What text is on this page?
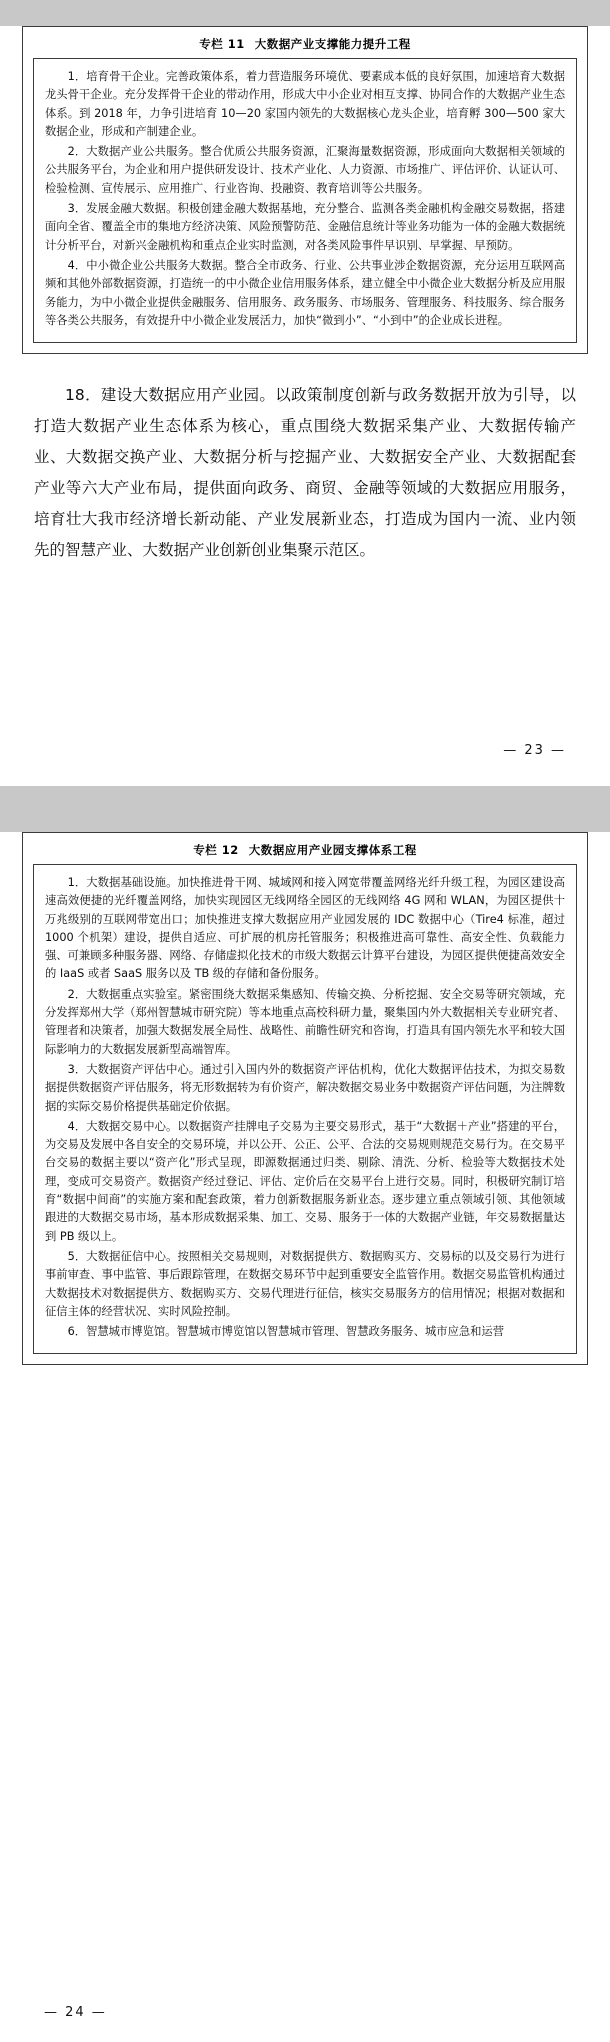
专栏 11 大数据产业支撑能力提升工程

1．培育骨干企业。完善政策体系，着力营造服务环境优、要素成本低的良好氛围，加速培育大数据龙头骨干企业。充分发挥骨干企业的带动作用，形成大中小企业对相互支撑、协同合作的大数据产业生态体系。到 2018 年，力争引进培育 10—20 家国内领先的大数据核心龙头企业，培育孵 300—500 家大数据企业，形成和产制建企业。

2．大数据产业公共服务。整合优质公共服务资源，汇聚海量数据资源，形成面向大数据相关领域的公共服务平台，为企业和用户提供研发设计、技术产业化、人力资源、市场推广、评估评价、认证认可、检验检测、宣传展示、应用推广、行业咨询、投融资、教育培训等公共服务。

3．发展金融大数据。积极创建金融大数据基地，充分整合、监测各类金融机构金融交易数据，搭建面向全省、覆盖全市的集地方经济决策、风险预警防范、金融信息统计等业务功能为一体的金融大数据统计分析平台，对新兴金融机构和重点企业实时监测，对各类风险事件早识别、早掌握、早预防。

4．中小微企业公共服务大数据。整合全市政务、行业、公共事业涉企数据资源，充分运用互联网高频和其他外部数据资源，打造统一的中小微企业信用服务体系，建立健全中小微企业大数据分析及应用服务能力，为中小微企业提供金融服务、信用服务、政务服务、市场服务、管理服务、科技服务、综合服务等各类公共服务，有效提升中小微企业发展活力，加快“微到小”、“小到中”的企业成长进程。

18．建设大数据应用产业园。以政策制度创新与政务数据开放为引导，以打造大数据产业生态体系为核心，重点围绕大数据采集产业、大数据传输产业、大数据交换产业、大数据分析与挖掘产业、大数据安全产业、大数据配套产业等六大产业布局，提供面向政务、商贸、金融等领域的大数据应用服务，培育壮大我市经济增长新动能、产业发展新业态，打造成为国内一流、业内领先的智慧产业、大数据产业创新创业集聚示范区。
— 23 —
专栏 12 大数据应用产业园支撑体系工程

1．大数据基础设施。加快推进骨干网、城域网和接入网宽带覆盖网络光纤升级工程，为园区建设高速高效便捷的光纤覆盖网络，加快实现园区无线网络全园区的无线网络 4G 网和 WLAN，为园区提供十万兆级别的互联网带宽出口；加快推进支撑大数据应用产业园发展的 IDC 数据中心（Tire4 标准，超过 1000 个机架）建设，提供自适应、可扩展的机房托管服务；积极推进高可靠性、高安全性、负载能力强、可兼顾多种服务器、网络、存储虚拟化技术的市级大数据云计算平台建设，为园区提供便捷高效安全的 IaaS 或者 SaaS 服务以及 TB 级的存储和备份服务。

2．大数据重点实验室。紧密围绕大数据采集感知、传输交换、分析挖掘、安全交易等研究领域，充分发挥郑州大学（郑州智慧城市研究院）等本地重点高校科研力量，聚集国内外大数据相关专业研究者、管理者和决策者，加强大数据发展全局性、战略性、前瞻性研究和咨询，打造具有国内领先水平和较大国际影响力的大数据发展新型高端智库。

3．大数据资产评估中心。通过引入国内外的数据资产评估机构，优化大数据评估技术，为拟交易数据提供数据资产评估服务，将无形数据转为有价资产，解决数据交易业务中数据资产评估问题，为注牌数据的实际交易价格提供基础定价依据。

4．大数据交易中心。以数据资产挂牌电子交易为主要交易形式，基于“大数据＋产业”搭建的平台，为交易及发展中各自安全的交易环境，并以公开、公正、公平、合法的交易规则规范交易行为。在交易平台交易的数据主要以“资产化”形式呈现，即源数据通过归类、剔除、清洗、分析、检验等大数据技术处理，变成可交易资产。数据资产经过登记、评估、定价后在交易平台上进行交易。同时，积极研究制订培育“数据中间商”的实施方案和配套政策，着力创新数据服务新业态。逐步建立重点领域引领、其他领域跟进的大数据交易市场，基本形成数据采集、加工、交易、服务于一体的大数据产业链，年交易数据量达到 PB 级以上。

5．大数据征信中心。按照相关交易规则，对数据提供方、数据购买方、交易标的以及交易行为进行事前审查、事中监管、事后跟踪管理，在数据交易环节中起到重要安全监管作用。数据交易监管机构通过大数据技术对数据提供方、数据购买方、交易代理进行征信，核实交易服务方的信用情况；根据对数据和征信主体的经营状况、实时风险控制。

6．智慧城市博览馆。智慧城市博览馆以智慧城市管理、智慧政务服务、城市应急和运营

— 24 —
